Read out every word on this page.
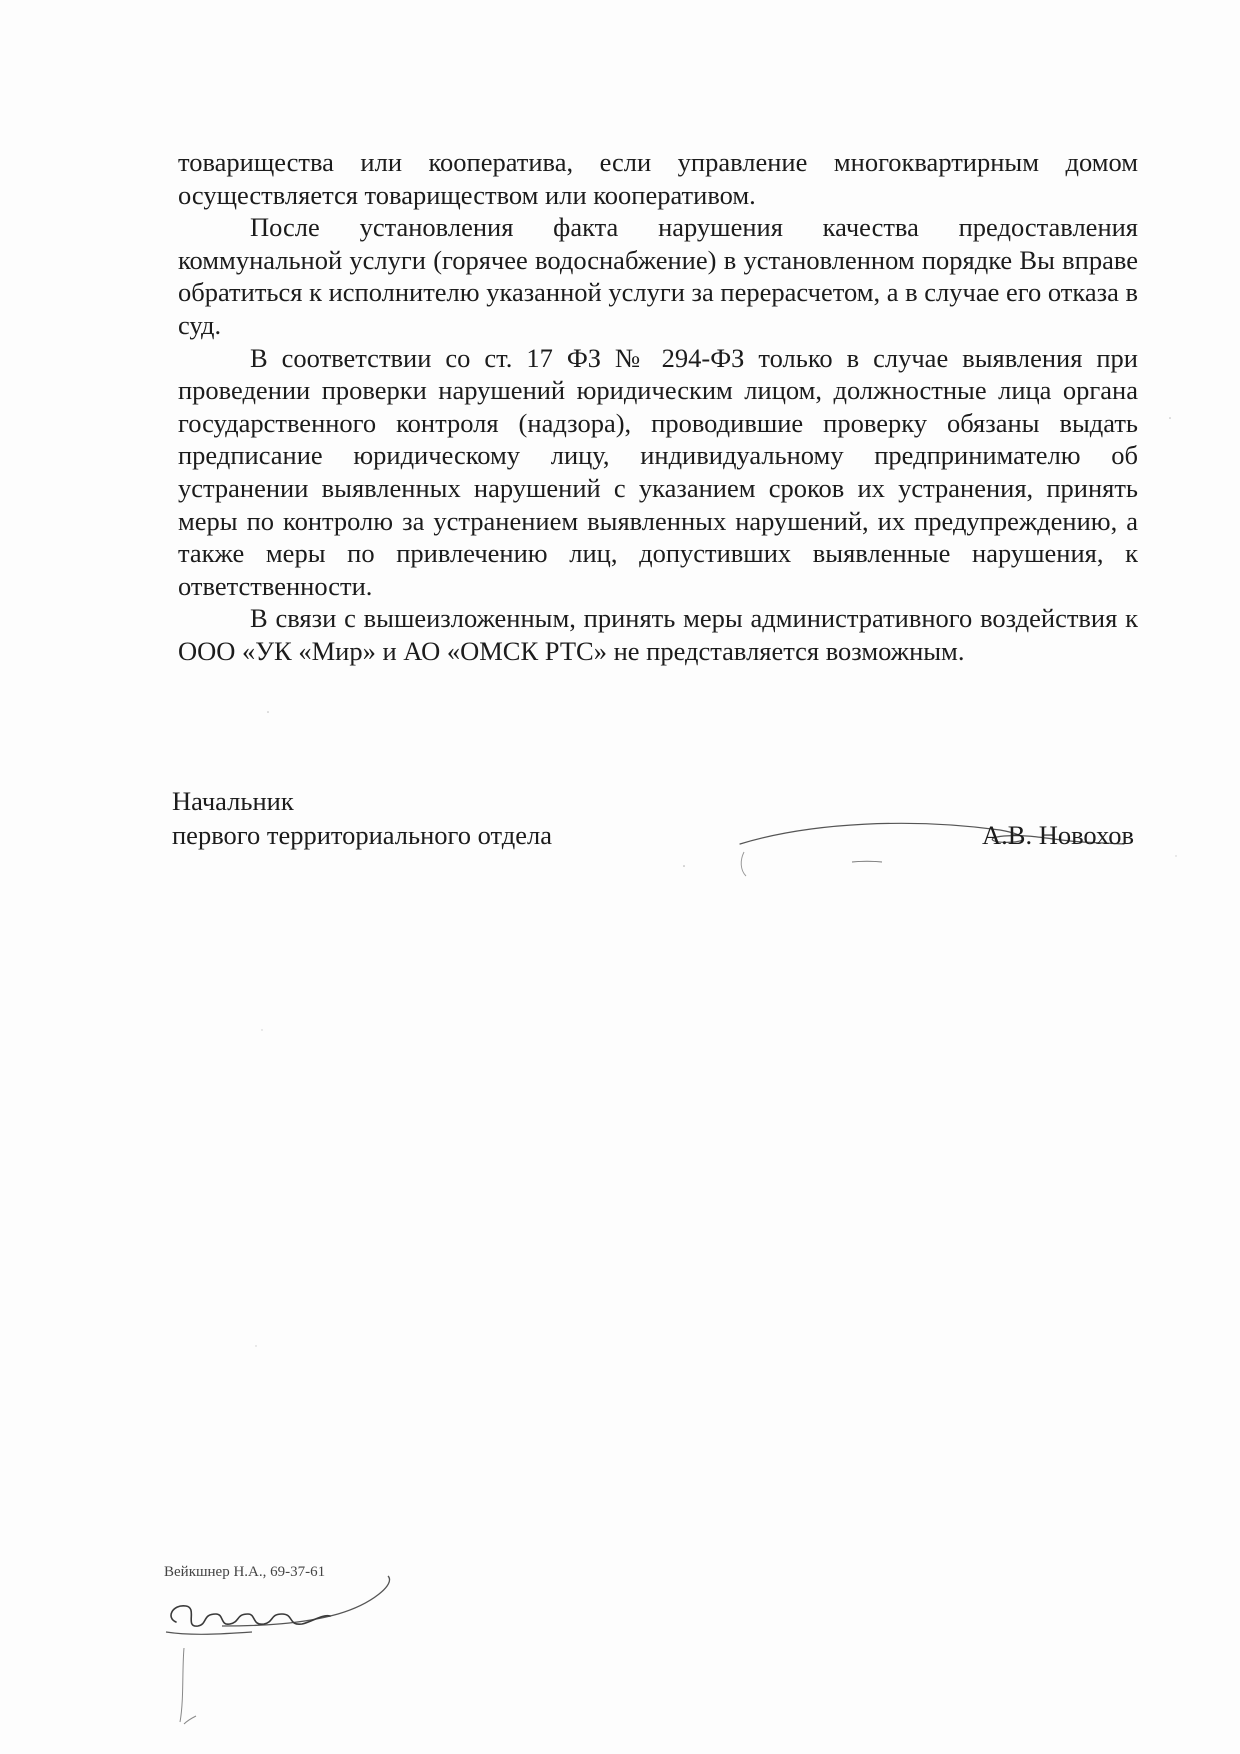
товарищества или кооператива, если управление многоквартирным домом осуществляется товариществом или кооперативом.

После установления факта нарушения качества предоставления коммунальной услуги (горячее водоснабжение) в установленном порядке Вы вправе обратиться к исполнителю указанной услуги за перерасчетом, а в случае его отказа в суд.

В соответствии со ст. 17 ФЗ № 294-ФЗ только в случае выявления при проведении проверки нарушений юридическим лицом, должностные лица органа государственного контроля (надзора), проводившие проверку обязаны выдать предписание юридическому лицу, индивидуальному предпринимателю об устранении выявленных нарушений с указанием сроков их устранения, принять меры по контролю за устранением выявленных нарушений, их предупреждению, а также меры по привлечению лиц, допустивших выявленные нарушения, к ответственности.

В связи с вышеизложенным, принять меры административного воздействия к ООО «УК «Мир» и АО «ОМСК РТС» не представляется возможным.

Начальник
первого территориального отдела	А.В. Новохов
Вейкшнер Н.А., 69-37-61
